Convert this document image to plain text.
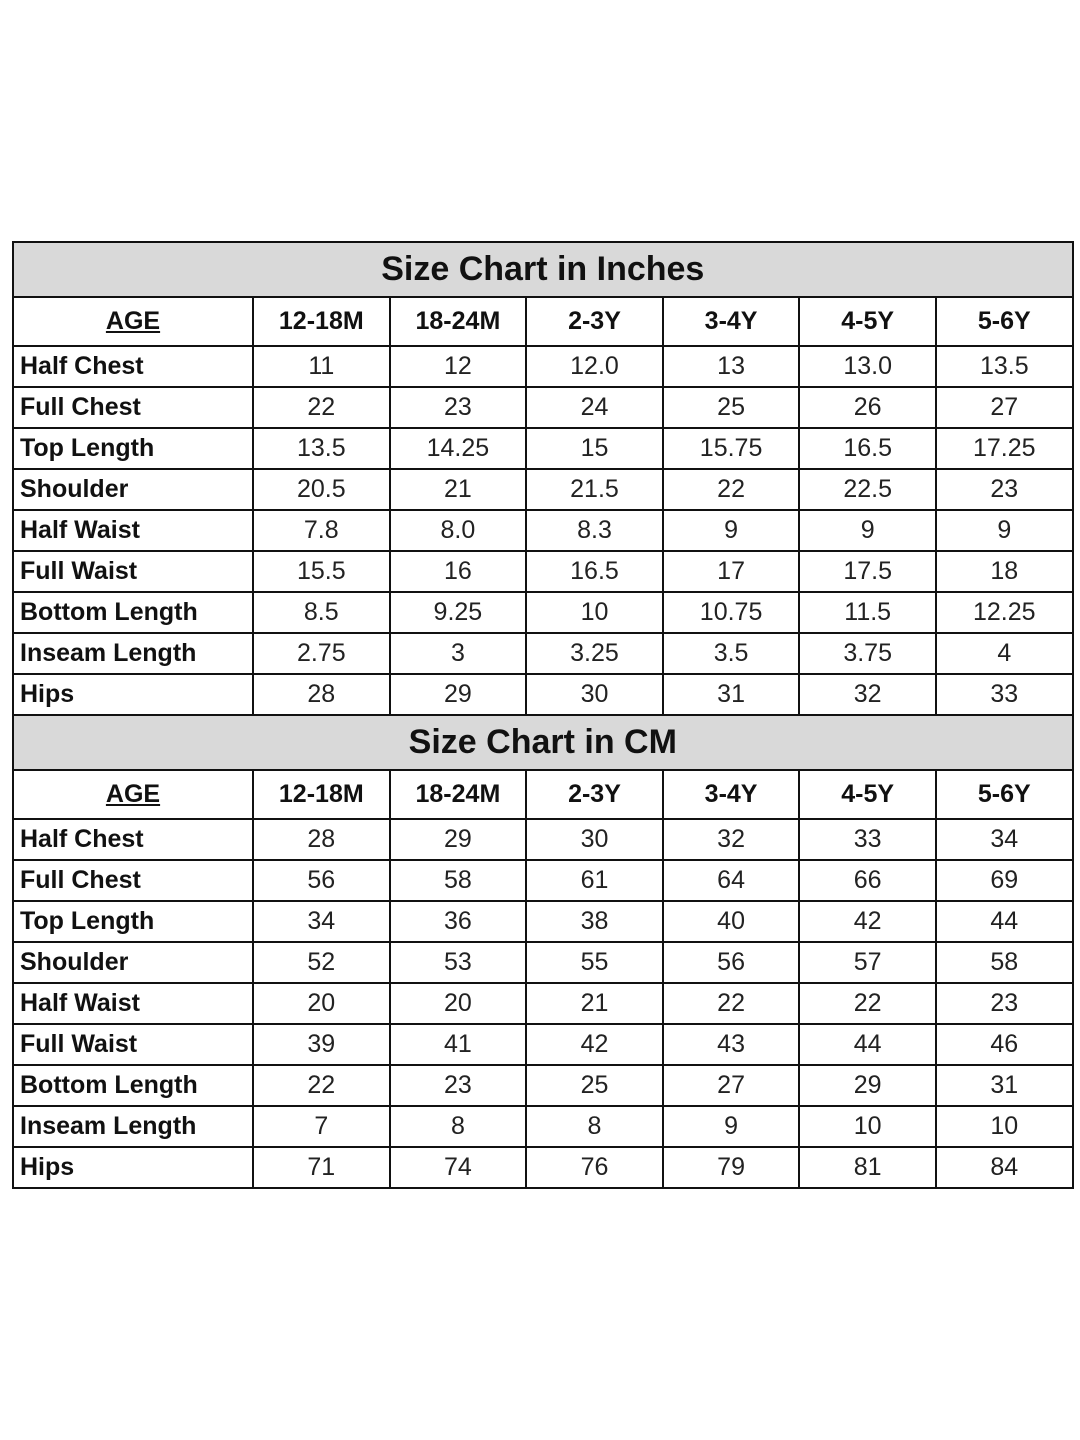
Size Chart in Inches						
AGE	12-18M	18-24M	2-3Y	3-4Y	4-5Y	5-6Y
Half Chest	11	12	12.0	13	13.0	13.5
Full Chest	22	23	24	25	26	27
Top Length	13.5	14.25	15	15.75	16.5	17.25
Shoulder	20.5	21	21.5	22	22.5	23
Half Waist	7.8	8.0	8.3	9	9	9
Full Waist	15.5	16	16.5	17	17.5	18
Bottom Length	8.5	9.25	10	10.75	11.5	12.25
Inseam Length	2.75	3	3.25	3.5	3.75	4
Hips	28	29	30	31	32	33
Size Chart in CM						
AGE	12-18M	18-24M	2-3Y	3-4Y	4-5Y	5-6Y
Half Chest	28	29	30	32	33	34
Full Chest	56	58	61	64	66	69
Top Length	34	36	38	40	42	44
Shoulder	52	53	55	56	57	58
Half Waist	20	20	21	22	22	23
Full Waist	39	41	42	43	44	46
Bottom Length	22	23	25	27	29	31
Inseam Length	7	8	8	9	10	10
Hips	71	74	76	79	81	84
